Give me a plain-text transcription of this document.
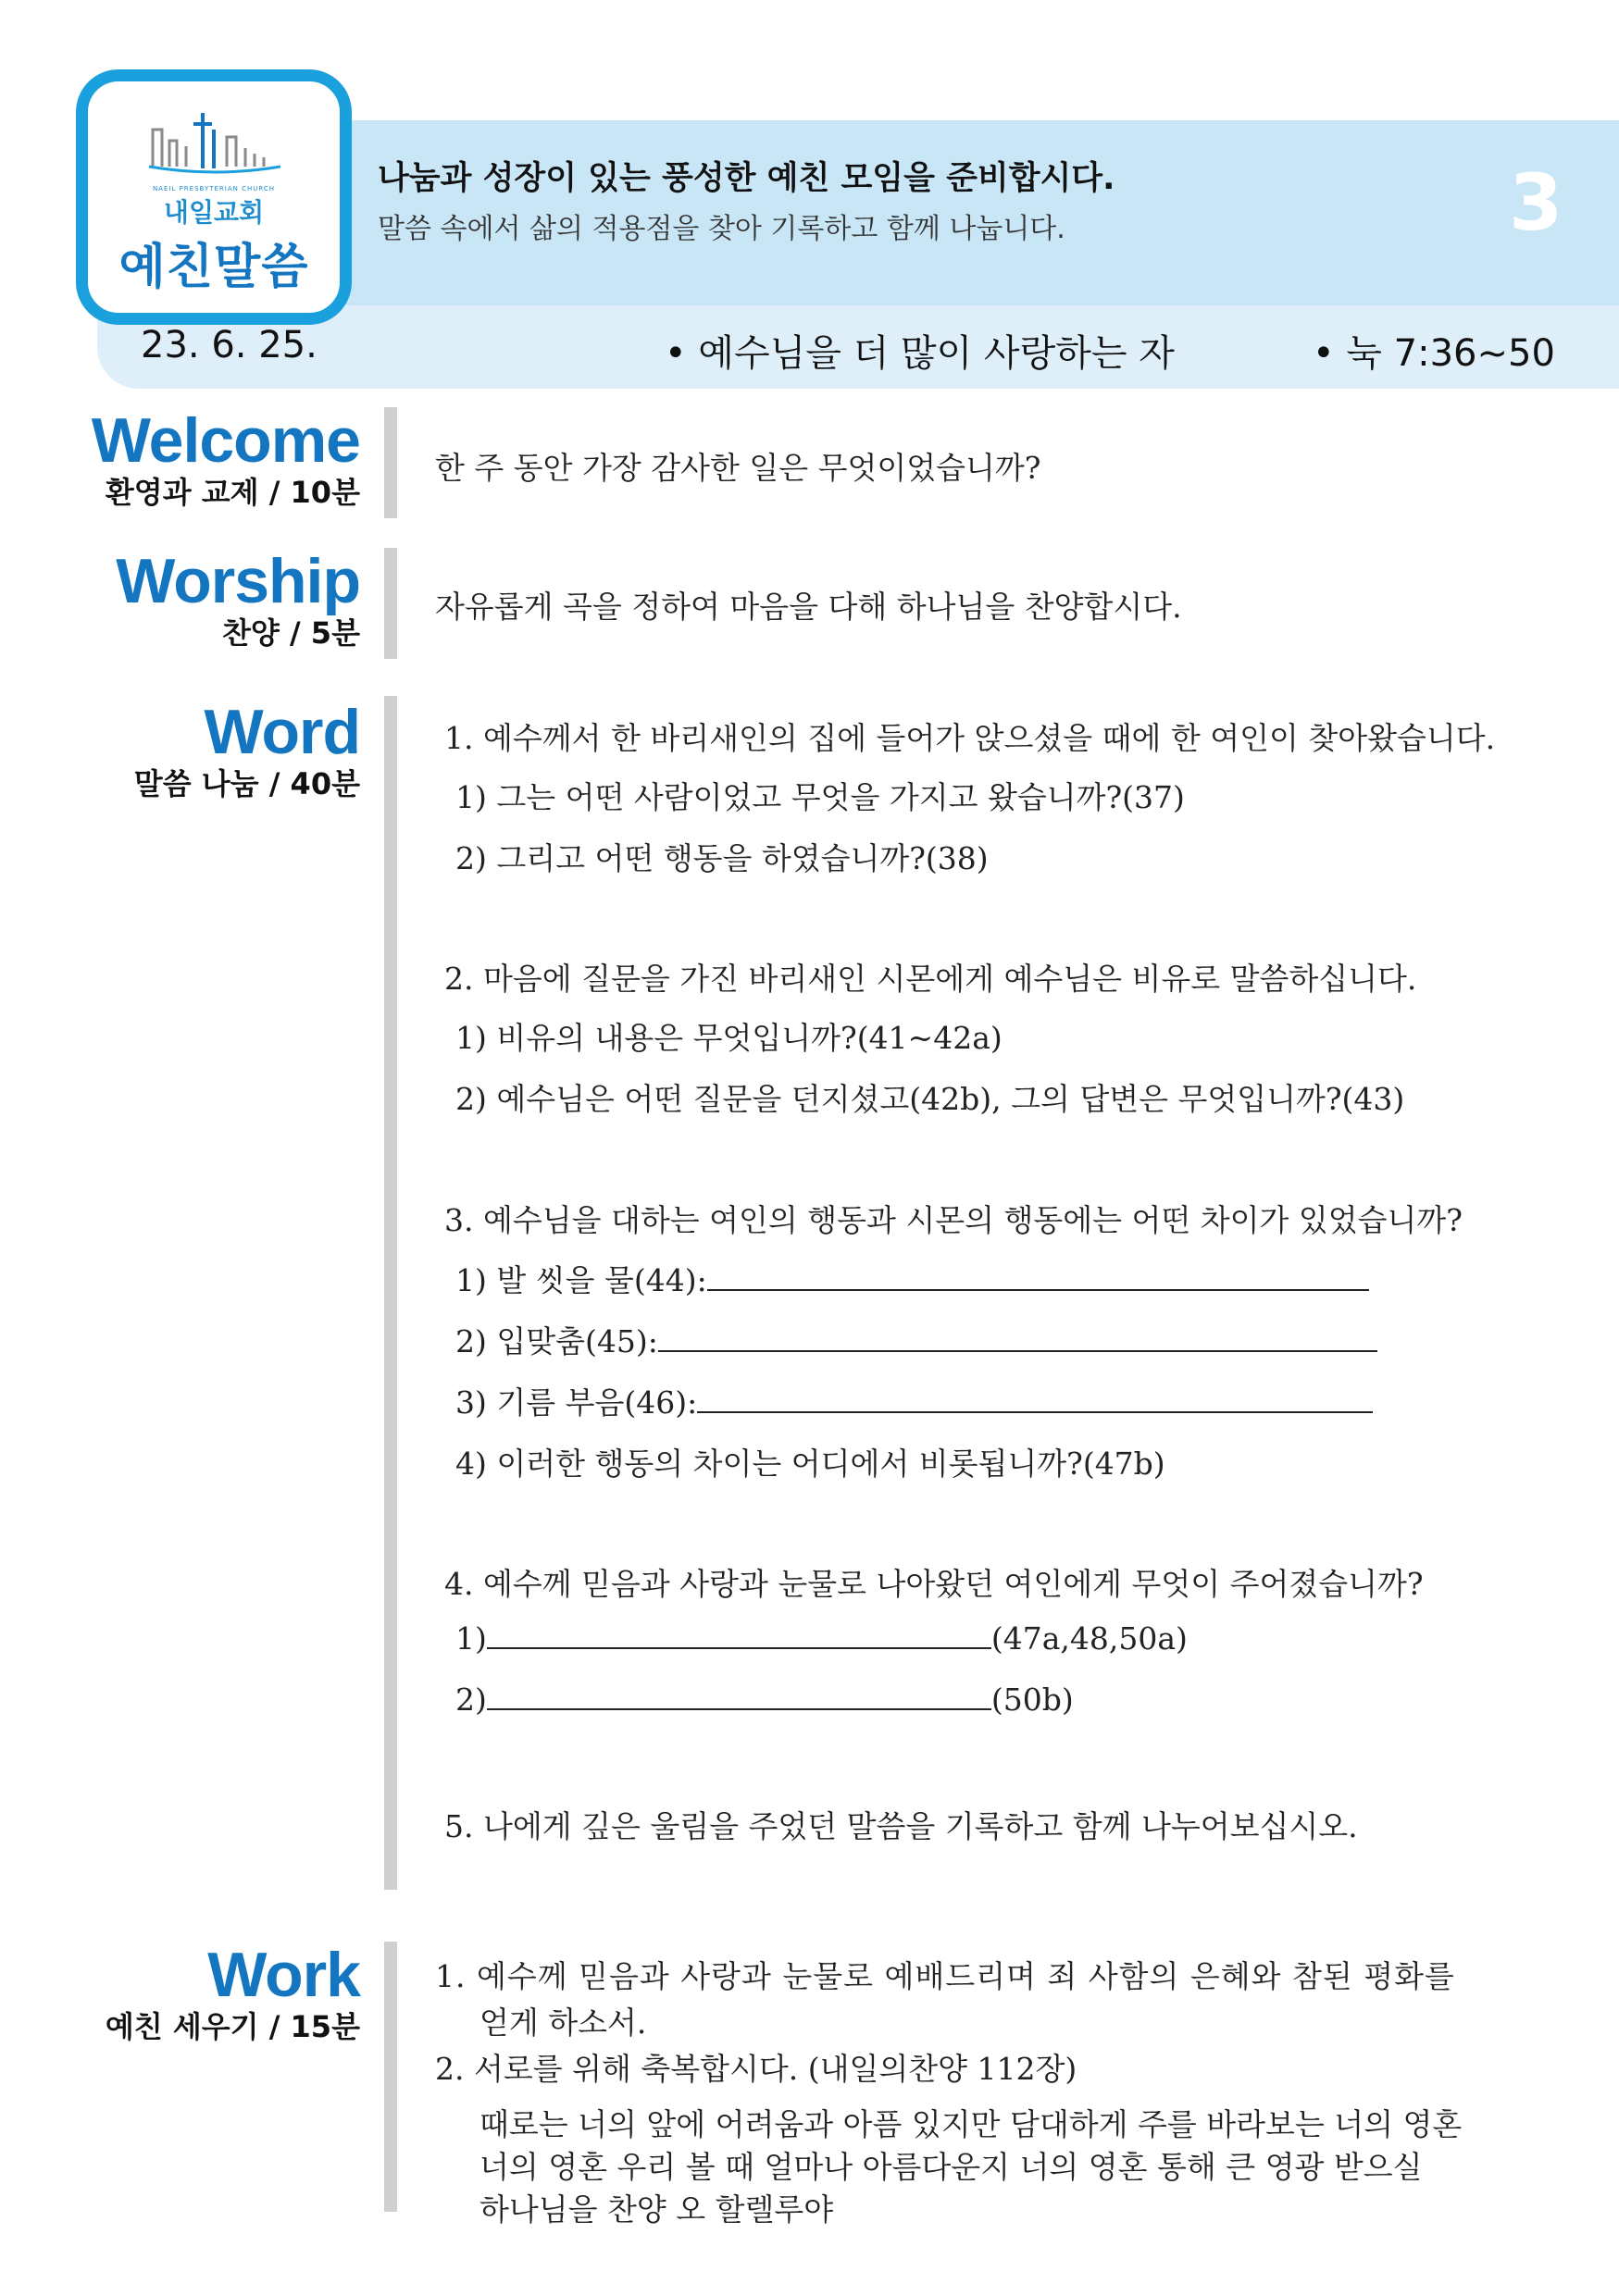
NAEIL PRESBYTERIAN CHURCH
내일교회
예친말씀
나눔과 성장이 있는 풍성한 예친 모임을 준비합시다.
말씀 속에서 삶의 적용점을 찾아 기록하고 함께 나눕니다.	3
23. 6. 25.	• 예수님을 더 많이 사랑하는 자	• 눅 7:36~50
Welcome
환영과 교제 / 10분
한 주 동안 가장 감사한 일은 무엇이었습니까?
Worship
찬양 / 5분
자유롭게 곡을 정하여 마음을 다해 하나님을 찬양합시다.
Word
말씀 나눔 / 40분
1. 예수께서 한 바리새인의 집에 들어가 앉으셨을 때에 한 여인이 찾아왔습니다.
1) 그는 어떤 사람이었고 무엇을 가지고 왔습니까?(37)
2) 그리고 어떤 행동을 하였습니까?(38)
2. 마음에 질문을 가진 바리새인 시몬에게 예수님은 비유로 말씀하십니다.
1) 비유의 내용은 무엇입니까?(41~42a)
2) 예수님은 어떤 질문을 던지셨고(42b), 그의 답변은 무엇입니까?(43)
3. 예수님을 대하는 여인의 행동과 시몬의 행동에는 어떤 차이가 있었습니까?
1) 발 씻을 물(44):
2) 입맞춤(45):
3) 기름 부음(46):
4) 이러한 행동의 차이는 어디에서 비롯됩니까?(47b)
4. 예수께 믿음과 사랑과 눈물로 나아왔던 여인에게 무엇이 주어졌습니까?
1)	(47a,48,50a)
2)	(50b)
5. 나에게 깊은 울림을 주었던 말씀을 기록하고 함께 나누어보십시오.
Work
예친 세우기 / 15분
1. 예수께 믿음과 사랑과 눈물로 예배드리며 죄 사함의 은혜와 참된 평화를
얻게 하소서.
2. 서로를 위해 축복합시다. (내일의찬양 112장)
때로는 너의 앞에 어려움과 아픔 있지만 담대하게 주를 바라보는 너의 영혼
너의 영혼 우리 볼 때 얼마나 아름다운지 너의 영혼 통해 큰 영광 받으실
하나님을 찬양 오 할렐루야
